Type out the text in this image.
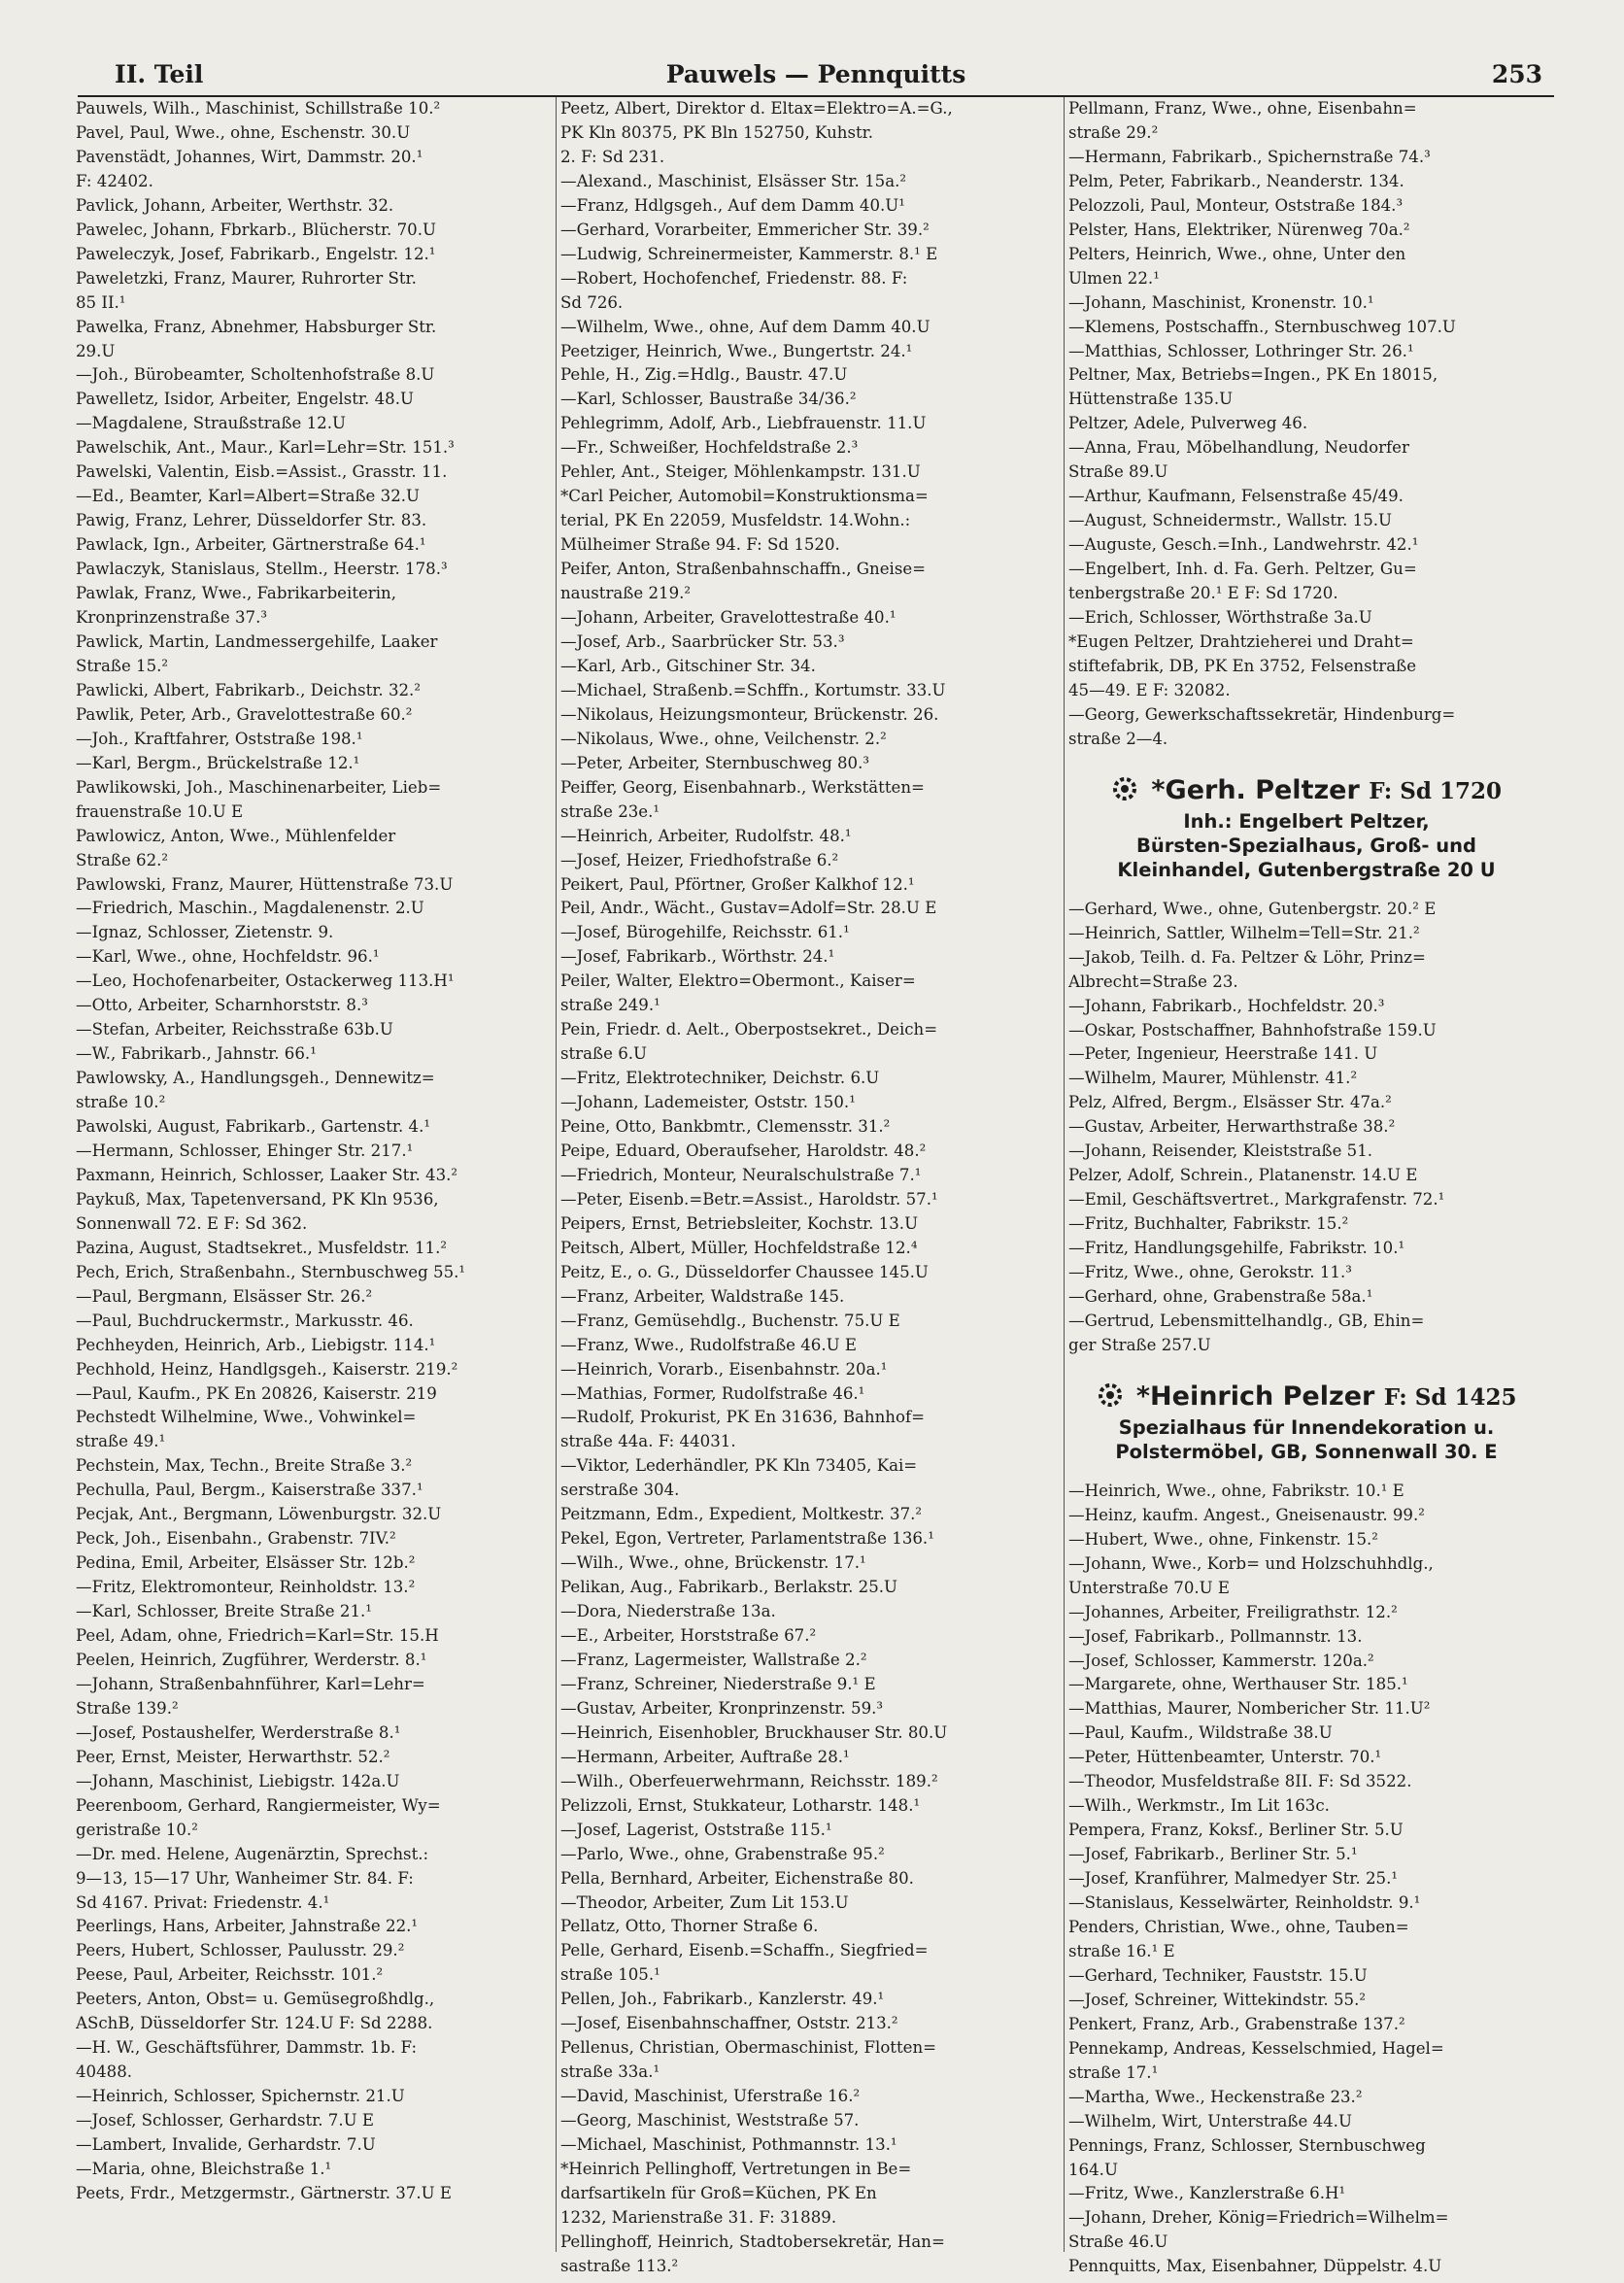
II. Teil	Pauwels — Pennquitts	253
Pauwels, Wilh., Maschinist, Schillstraße 10.²
Pavel, Paul, Wwe., ohne, Eschenstr. 30.U
Pavenstädt, Johannes, Wirt, Dammstr. 20.¹
F: 42402.
Pavlick, Johann, Arbeiter, Werthstr. 32.
Pawelec, Johann, Fbrkarb., Blücherstr. 70.U
Paweleczyk, Josef, Fabrikarb., Engelstr. 12.¹
Paweletzki, Franz, Maurer, Ruhrorter Str.
85 II.¹
Pawelka, Franz, Abnehmer, Habsburger Str.
29.U
—Joh., Bürobeamter, Scholtenhofstraße 8.U
Pawelletz, Isidor, Arbeiter, Engelstr. 48.U
—Magdalene, Straußstraße 12.U
Pawelschik, Ant., Maur., Karl=Lehr=Str. 151.³
Pawelski, Valentin, Eisb.=Assist., Grasstr. 11.
—Ed., Beamter, Karl=Albert=Straße 32.U
Pawig, Franz, Lehrer, Düsseldorfer Str. 83.
Pawlack, Ign., Arbeiter, Gärtnerstraße 64.¹
Pawlaczyk, Stanislaus, Stellm., Heerstr. 178.³
Pawlak, Franz, Wwe., Fabrikarbeiterin,
Kronprinzenstraße 37.³
Pawlick, Martin, Landmessergehilfe, Laaker
Straße 15.²
Pawlicki, Albert, Fabrikarb., Deichstr. 32.²
Pawlik, Peter, Arb., Gravelottestraße 60.²
—Joh., Kraftfahrer, Oststraße 198.¹
—Karl, Bergm., Brückelstraße 12.¹
Pawlikowski, Joh., Maschinenarbeiter, Lieb=
frauenstraße 10.U E
Pawlowicz, Anton, Wwe., Mühlenfelder
Straße 62.²
Pawlowski, Franz, Maurer, Hüttenstraße 73.U
—Friedrich, Maschin., Magdalenenstr. 2.U
—Ignaz, Schlosser, Zietenstr. 9.
—Karl, Wwe., ohne, Hochfeldstr. 96.¹
—Leo, Hochofenarbeiter, Ostackerweg 113.H¹
—Otto, Arbeiter, Scharnhorststr. 8.³
—Stefan, Arbeiter, Reichsstraße 63b.U
—W., Fabrikarb., Jahnstr. 66.¹
Pawlowsky, A., Handlungsgeh., Dennewitz=
straße 10.²
Pawolski, August, Fabrikarb., Gartenstr. 4.¹
—Hermann, Schlosser, Ehinger Str. 217.¹
Paxmann, Heinrich, Schlosser, Laaker Str. 43.²
Paykuß, Max, Tapetenversand, PK Kln 9536,
Sonnenwall 72. E F: Sd 362.
Pazina, August, Stadtsekret., Musfeldstr. 11.²
Pech, Erich, Straßenbahn., Sternbuschweg 55.¹
—Paul, Bergmann, Elsässer Str. 26.²
—Paul, Buchdruckermstr., Markusstr. 46.
Pechheyden, Heinrich, Arb., Liebigstr. 114.¹
Pechhold, Heinz, Handlgsgeh., Kaiserstr. 219.²
—Paul, Kaufm., PK En 20826, Kaiserstr. 219
Pechstedt Wilhelmine, Wwe., Vohwinkel=
straße 49.¹
Pechstein, Max, Techn., Breite Straße 3.²
Pechulla, Paul, Bergm., Kaiserstraße 337.¹
Pecjak, Ant., Bergmann, Löwenburgstr. 32.U
Peck, Joh., Eisenbahn., Grabenstr. 7IV.²
Pedina, Emil, Arbeiter, Elsässer Str. 12b.²
—Fritz, Elektromonteur, Reinholdstr. 13.²
—Karl, Schlosser, Breite Straße 21.¹
Peel, Adam, ohne, Friedrich=Karl=Str. 15.H
Peelen, Heinrich, Zugführer, Werderstr. 8.¹
—Johann, Straßenbahnführer, Karl=Lehr=
Straße 139.²
—Josef, Postaushelfer, Werderstraße 8.¹
Peer, Ernst, Meister, Herwarthstr. 52.²
—Johann, Maschinist, Liebigstr. 142a.U
Peerenboom, Gerhard, Rangiermeister, Wy=
geristraße 10.²
—Dr. med. Helene, Augenärztin, Sprechst.:
9—13, 15—17 Uhr, Wanheimer Str. 84. F:
Sd 4167. Privat: Friedenstr. 4.¹
Peerlings, Hans, Arbeiter, Jahnstraße 22.¹
Peers, Hubert, Schlosser, Paulusstr. 29.²
Peese, Paul, Arbeiter, Reichsstr. 101.²
Peeters, Anton, Obst= u. Gemüsegroßhdlg.,
ASchB, Düsseldorfer Str. 124.U F: Sd 2288.
—H. W., Geschäftsführer, Dammstr. 1b. F:
40488.
—Heinrich, Schlosser, Spichernstr. 21.U
—Josef, Schlosser, Gerhardstr. 7.U E
—Lambert, Invalide, Gerhardstr. 7.U
—Maria, ohne, Bleichstraße 1.¹
Peets, Frdr., Metzgermstr., Gärtnerstr. 37.U E
Peetz, Albert, Direktor d. Eltax=Elektro=A.=G.,
PK Kln 80375, PK Bln 152750, Kuhstr.
2. F: Sd 231.
—Alexand., Maschinist, Elsässer Str. 15a.²
—Franz, Hdlgsgeh., Auf dem Damm 40.U¹
—Gerhard, Vorarbeiter, Emmericher Str. 39.²
—Ludwig, Schreinermeister, Kammerstr. 8.¹ E
—Robert, Hochofenchef, Friedenstr. 88. F:
Sd 726.
—Wilhelm, Wwe., ohne, Auf dem Damm 40.U
Peetziger, Heinrich, Wwe., Bungertstr. 24.¹
Pehle, H., Zig.=Hdlg., Baustr. 47.U
—Karl, Schlosser, Baustraße 34/36.²
Pehlegrimm, Adolf, Arb., Liebfrauenstr. 11.U
—Fr., Schweißer, Hochfeldstraße 2.³
Pehler, Ant., Steiger, Möhlenkampstr. 131.U
*Carl Peicher, Automobil=Konstruktionsma=
terial, PK En 22059, Musfeldstr. 14.Wohn.:
Mülheimer Straße 94. F: Sd 1520.
Peifer, Anton, Straßenbahnschaffn., Gneise=
naustraße 219.²
—Johann, Arbeiter, Gravelottestraße 40.¹
—Josef, Arb., Saarbrücker Str. 53.³
—Karl, Arb., Gitschiner Str. 34.
—Michael, Straßenb.=Schffn., Kortumstr. 33.U
—Nikolaus, Heizungsmonteur, Brückenstr. 26.
—Nikolaus, Wwe., ohne, Veilchenstr. 2.²
—Peter, Arbeiter, Sternbuschweg 80.³
Peiffer, Georg, Eisenbahnarb., Werkstätten=
straße 23e.¹
—Heinrich, Arbeiter, Rudolfstr. 48.¹
—Josef, Heizer, Friedhofstraße 6.²
Peikert, Paul, Pförtner, Großer Kalkhof 12.¹
Peil, Andr., Wächt., Gustav=Adolf=Str. 28.U E
—Josef, Bürogehilfe, Reichsstr. 61.¹
—Josef, Fabrikarb., Wörthstr. 24.¹
Peiler, Walter, Elektro=Obermont., Kaiser=
straße 249.¹
Pein, Friedr. d. Aelt., Oberpostsekret., Deich=
straße 6.U
—Fritz, Elektrotechniker, Deichstr. 6.U
—Johann, Lademeister, Oststr. 150.¹
Peine, Otto, Bankbmtr., Clemensstr. 31.²
Peipe, Eduard, Oberaufseher, Haroldstr. 48.²
—Friedrich, Monteur, Neuralschulstraße 7.¹
—Peter, Eisenb.=Betr.=Assist., Haroldstr. 57.¹
Peipers, Ernst, Betriebsleiter, Kochstr. 13.U
Peitsch, Albert, Müller, Hochfeldstraße 12.⁴
Peitz, E., o. G., Düsseldorfer Chaussee 145.U
—Franz, Arbeiter, Waldstraße 145.
—Franz, Gemüsehdlg., Buchenstr. 75.U E
—Franz, Wwe., Rudolfstraße 46.U E
—Heinrich, Vorarb., Eisenbahnstr. 20a.¹
—Mathias, Former, Rudolfstraße 46.¹
—Rudolf, Prokurist, PK En 31636, Bahnhof=
straße 44a. F: 44031.
—Viktor, Lederhändler, PK Kln 73405, Kai=
serstraße 304.
Peitzmann, Edm., Expedient, Moltkestr. 37.²
Pekel, Egon, Vertreter, Parlamentstraße 136.¹
—Wilh., Wwe., ohne, Brückenstr. 17.¹
Pelikan, Aug., Fabrikarb., Berlakstr. 25.U
—Dora, Niederstraße 13a.
—E., Arbeiter, Horststraße 67.²
—Franz, Lagermeister, Wallstraße 2.²
—Franz, Schreiner, Niederstraße 9.¹ E
—Gustav, Arbeiter, Kronprinzenstr. 59.³
—Heinrich, Eisenhobler, Bruckhauser Str. 80.U
—Hermann, Arbeiter, Auftraße 28.¹
—Wilh., Oberfeuerwehrmann, Reichsstr. 189.²
Pelizzoli, Ernst, Stukkateur, Lotharstr. 148.¹
—Josef, Lagerist, Oststraße 115.¹
—Parlo, Wwe., ohne, Grabenstraße 95.²
Pella, Bernhard, Arbeiter, Eichenstraße 80.
—Theodor, Arbeiter, Zum Lit 153.U
Pellatz, Otto, Thorner Straße 6.
Pelle, Gerhard, Eisenb.=Schaffn., Siegfried=
straße 105.¹
Pellen, Joh., Fabrikarb., Kanzlerstr. 49.¹
—Josef, Eisenbahnschaffner, Oststr. 213.²
Pellenus, Christian, Obermaschinist, Flotten=
straße 33a.¹
—David, Maschinist, Uferstraße 16.²
—Georg, Maschinist, Weststraße 57.
—Michael, Maschinist, Pothmannstr. 13.¹
*Heinrich Pellinghoff, Vertretungen in Be=
darfsartikeln für Groß=Küchen, PK En
1232, Marienstraße 31. F: 31889.
Pellinghoff, Heinrich, Stadtobersekretär, Han=
sastraße 113.²
Pellmann, Franz, Wwe., ohne, Eisenbahn=
straße 29.²
—Hermann, Fabrikarb., Spichernstraße 74.³
Pelm, Peter, Fabrikarb., Neanderstr. 134.
Pelozzoli, Paul, Monteur, Oststraße 184.³
Pelster, Hans, Elektriker, Nürenweg 70a.²
Pelters, Heinrich, Wwe., ohne, Unter den
Ulmen 22.¹
—Johann, Maschinist, Kronenstr. 10.¹
—Klemens, Postschaffn., Sternbuschweg 107.U
—Matthias, Schlosser, Lothringer Str. 26.¹
Peltner, Max, Betriebs=Ingen., PK En 18015,
Hüttenstraße 135.U
Peltzer, Adele, Pulverweg 46.
—Anna, Frau, Möbelhandlung, Neudorfer
Straße 89.U
—Arthur, Kaufmann, Felsenstraße 45/49.
—August, Schneidermstr., Wallstr. 15.U
—Auguste, Gesch.=Inh., Landwehrstr. 42.¹
—Engelbert, Inh. d. Fa. Gerh. Peltzer, Gu=
tenbergstraße 20.¹ E F: Sd 1720.
—Erich, Schlosser, Wörthstraße 3a.U
*Eugen Peltzer, Drahtzieherei und Draht=
stiftefabrik, DB, PK En 3752, Felsenstraße
45—49. E F: 32082.
—Georg, Gewerkschaftssekretär, Hindenburg=
straße 2—4.
*Gerh. Peltzer F: Sd 1720
Inh.: Engelbert Peltzer,
Bürsten-Spezialhaus, Groß- und
Kleinhandel, Gutenbergstraße 20 U
—Gerhard, Wwe., ohne, Gutenbergstr. 20.² E
—Heinrich, Sattler, Wilhelm=Tell=Str. 21.²
—Jakob, Teilh. d. Fa. Peltzer & Löhr, Prinz=
Albrecht=Straße 23.
—Johann, Fabrikarb., Hochfeldstr. 20.³
—Oskar, Postschaffner, Bahnhofstraße 159.U
—Peter, Ingenieur, Heerstraße 141. U
—Wilhelm, Maurer, Mühlenstr. 41.²
Pelz, Alfred, Bergm., Elsässer Str. 47a.²
—Gustav, Arbeiter, Herwarthstraße 38.²
—Johann, Reisender, Kleiststraße 51.
Pelzer, Adolf, Schrein., Platanenstr. 14.U E
—Emil, Geschäftsvertret., Markgrafenstr. 72.¹
—Fritz, Buchhalter, Fabrikstr. 15.²
—Fritz, Handlungsgehilfe, Fabrikstr. 10.¹
—Fritz, Wwe., ohne, Gerokstr. 11.³
—Gerhard, ohne, Grabenstraße 58a.¹
—Gertrud, Lebensmittelhandlg., GB, Ehin=
ger Straße 257.U
*Heinrich Pelzer F: Sd 1425
Spezialhaus für Innendekoration u.
Polstermöbel, GB, Sonnenwall 30. E
—Heinrich, Wwe., ohne, Fabrikstr. 10.¹ E
—Heinz, kaufm. Angest., Gneisenaustr. 99.²
—Hubert, Wwe., ohne, Finkenstr. 15.²
—Johann, Wwe., Korb= und Holzschuhhdlg.,
Unterstraße 70.U E
—Johannes, Arbeiter, Freiligrathstr. 12.²
—Josef, Fabrikarb., Pollmannstr. 13.
—Josef, Schlosser, Kammerstr. 120a.²
—Margarete, ohne, Werthauser Str. 185.¹
—Matthias, Maurer, Nombericher Str. 11.U²
—Paul, Kaufm., Wildstraße 38.U
—Peter, Hüttenbeamter, Unterstr. 70.¹
—Theodor, Musfeldstraße 8II. F: Sd 3522.
—Wilh., Werkmstr., Im Lit 163c.
Pempera, Franz, Koksf., Berliner Str. 5.U
—Josef, Fabrikarb., Berliner Str. 5.¹
—Josef, Kranführer, Malmedyer Str. 25.¹
—Stanislaus, Kesselwärter, Reinholdstr. 9.¹
Penders, Christian, Wwe., ohne, Tauben=
straße 16.¹ E
—Gerhard, Techniker, Fauststr. 15.U
—Josef, Schreiner, Wittekindstr. 55.²
Penkert, Franz, Arb., Grabenstraße 137.²
Pennekamp, Andreas, Kesselschmied, Hagel=
straße 17.¹
—Martha, Wwe., Heckenstraße 23.²
—Wilhelm, Wirt, Unterstraße 44.U
Pennings, Franz, Schlosser, Sternbuschweg
164.U
—Fritz, Wwe., Kanzlerstraße 6.H¹
—Johann, Dreher, König=Friedrich=Wilhelm=
Straße 46.U
Pennquitts, Max, Eisenbahner, Düppelstr. 4.U
